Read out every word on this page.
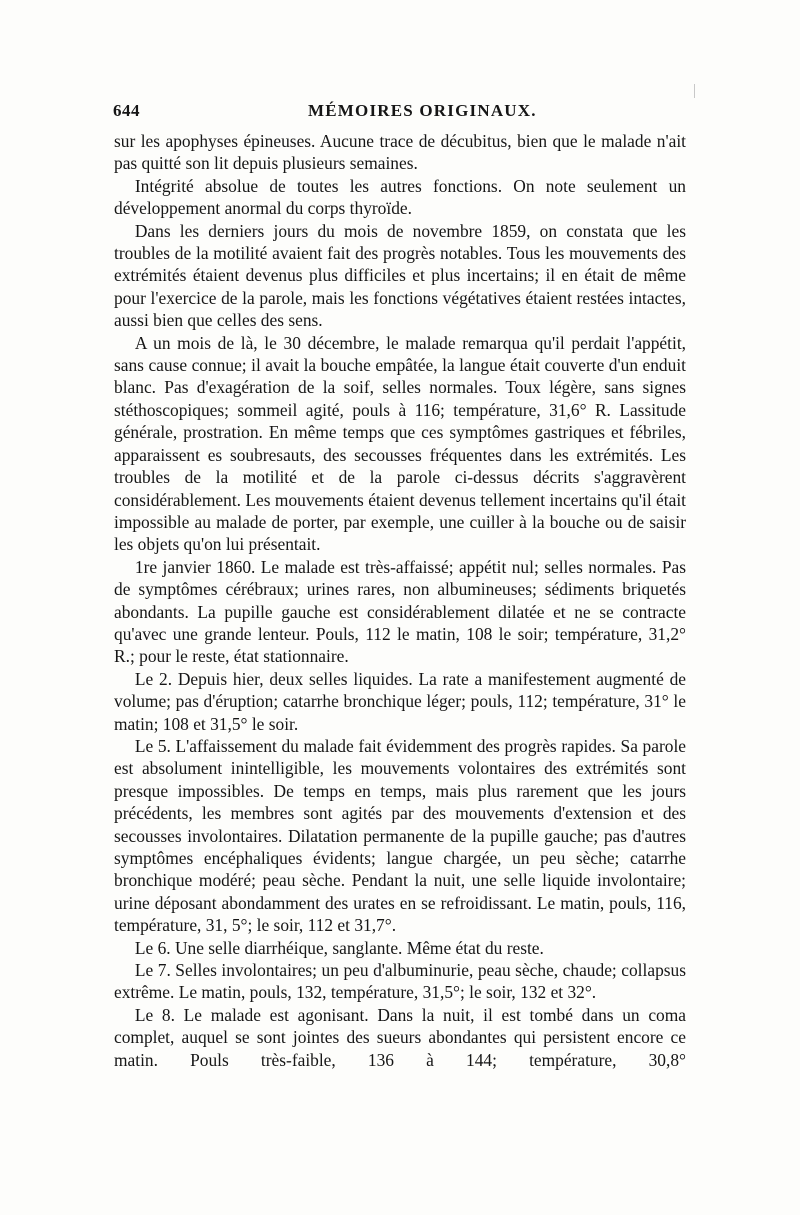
644	MÉMOIRES ORIGINAUX.

sur les apophyses épineuses. Aucune trace de décubitus, bien que le malade n'ait pas quitté son lit depuis plusieurs semaines.

Intégrité absolue de toutes les autres fonctions. On note seulement un développement anormal du corps thyroïde.

Dans les derniers jours du mois de novembre 1859, on constata que les troubles de la motilité avaient fait des progrès notables. Tous les mouvements des extrémités étaient devenus plus difficiles et plus incertains; il en était de même pour l'exercice de la parole, mais les fonctions végétatives étaient restées intactes, aussi bien que celles des sens.

A un mois de là, le 30 décembre, le malade remarqua qu'il perdait l'appétit, sans cause connue; il avait la bouche empâtée, la langue était couverte d'un enduit blanc. Pas d'exagération de la soif, selles normales. Toux légère, sans signes stéthoscopiques; sommeil agité, pouls à 116; température, 31,6° R. Lassitude générale, prostration. En même temps que ces symptômes gastriques et fébriles, apparaissent es soubresauts, des secousses fréquentes dans les extrémités. Les troubles de la motilité et de la parole ci-dessus décrits s'aggravèrent considérablement. Les mouvements étaient devenus tellement incertains qu'il était impossible au malade de porter, par exemple, une cuiller à la bouche ou de saisir les objets qu'on lui présentait.

1re janvier 1860. Le malade est très-affaissé; appétit nul; selles normales. Pas de symptômes cérébraux; urines rares, non albumineuses; sédiments briquetés abondants. La pupille gauche est considérablement dilatée et ne se contracte qu'avec une grande lenteur. Pouls, 112 le matin, 108 le soir; température, 31,2° R.; pour le reste, état stationnaire.

Le 2. Depuis hier, deux selles liquides. La rate a manifestement augmenté de volume; pas d'éruption; catarrhe bronchique léger; pouls, 112; température, 31° le matin; 108 et 31,5° le soir.

Le 5. L'affaissement du malade fait évidemment des progrès rapides. Sa parole est absolument inintelligible, les mouvements volontaires des extrémités sont presque impossibles. De temps en temps, mais plus rarement que les jours précédents, les membres sont agités par des mouvements d'extension et des secousses involontaires. Dilatation permanente de la pupille gauche; pas d'autres symptômes encéphaliques évidents; langue chargée, un peu sèche; catarrhe bronchique modéré; peau sèche. Pendant la nuit, une selle liquide involontaire; urine déposant abondamment des urates en se refroidissant. Le matin, pouls, 116, température, 31, 5°; le soir, 112 et 31,7°.

Le 6. Une selle diarrhéique, sanglante. Même état du reste.

Le 7. Selles involontaires; un peu d'albuminurie, peau sèche, chaude; collapsus extrême. Le matin, pouls, 132, température, 31,5°; le soir, 132 et 32°.

Le 8. Le malade est agonisant. Dans la nuit, il est tombé dans un coma complet, auquel se sont jointes des sueurs abondantes qui persistent encore ce matin. Pouls très-faible, 136 à 144; température, 30,8°
